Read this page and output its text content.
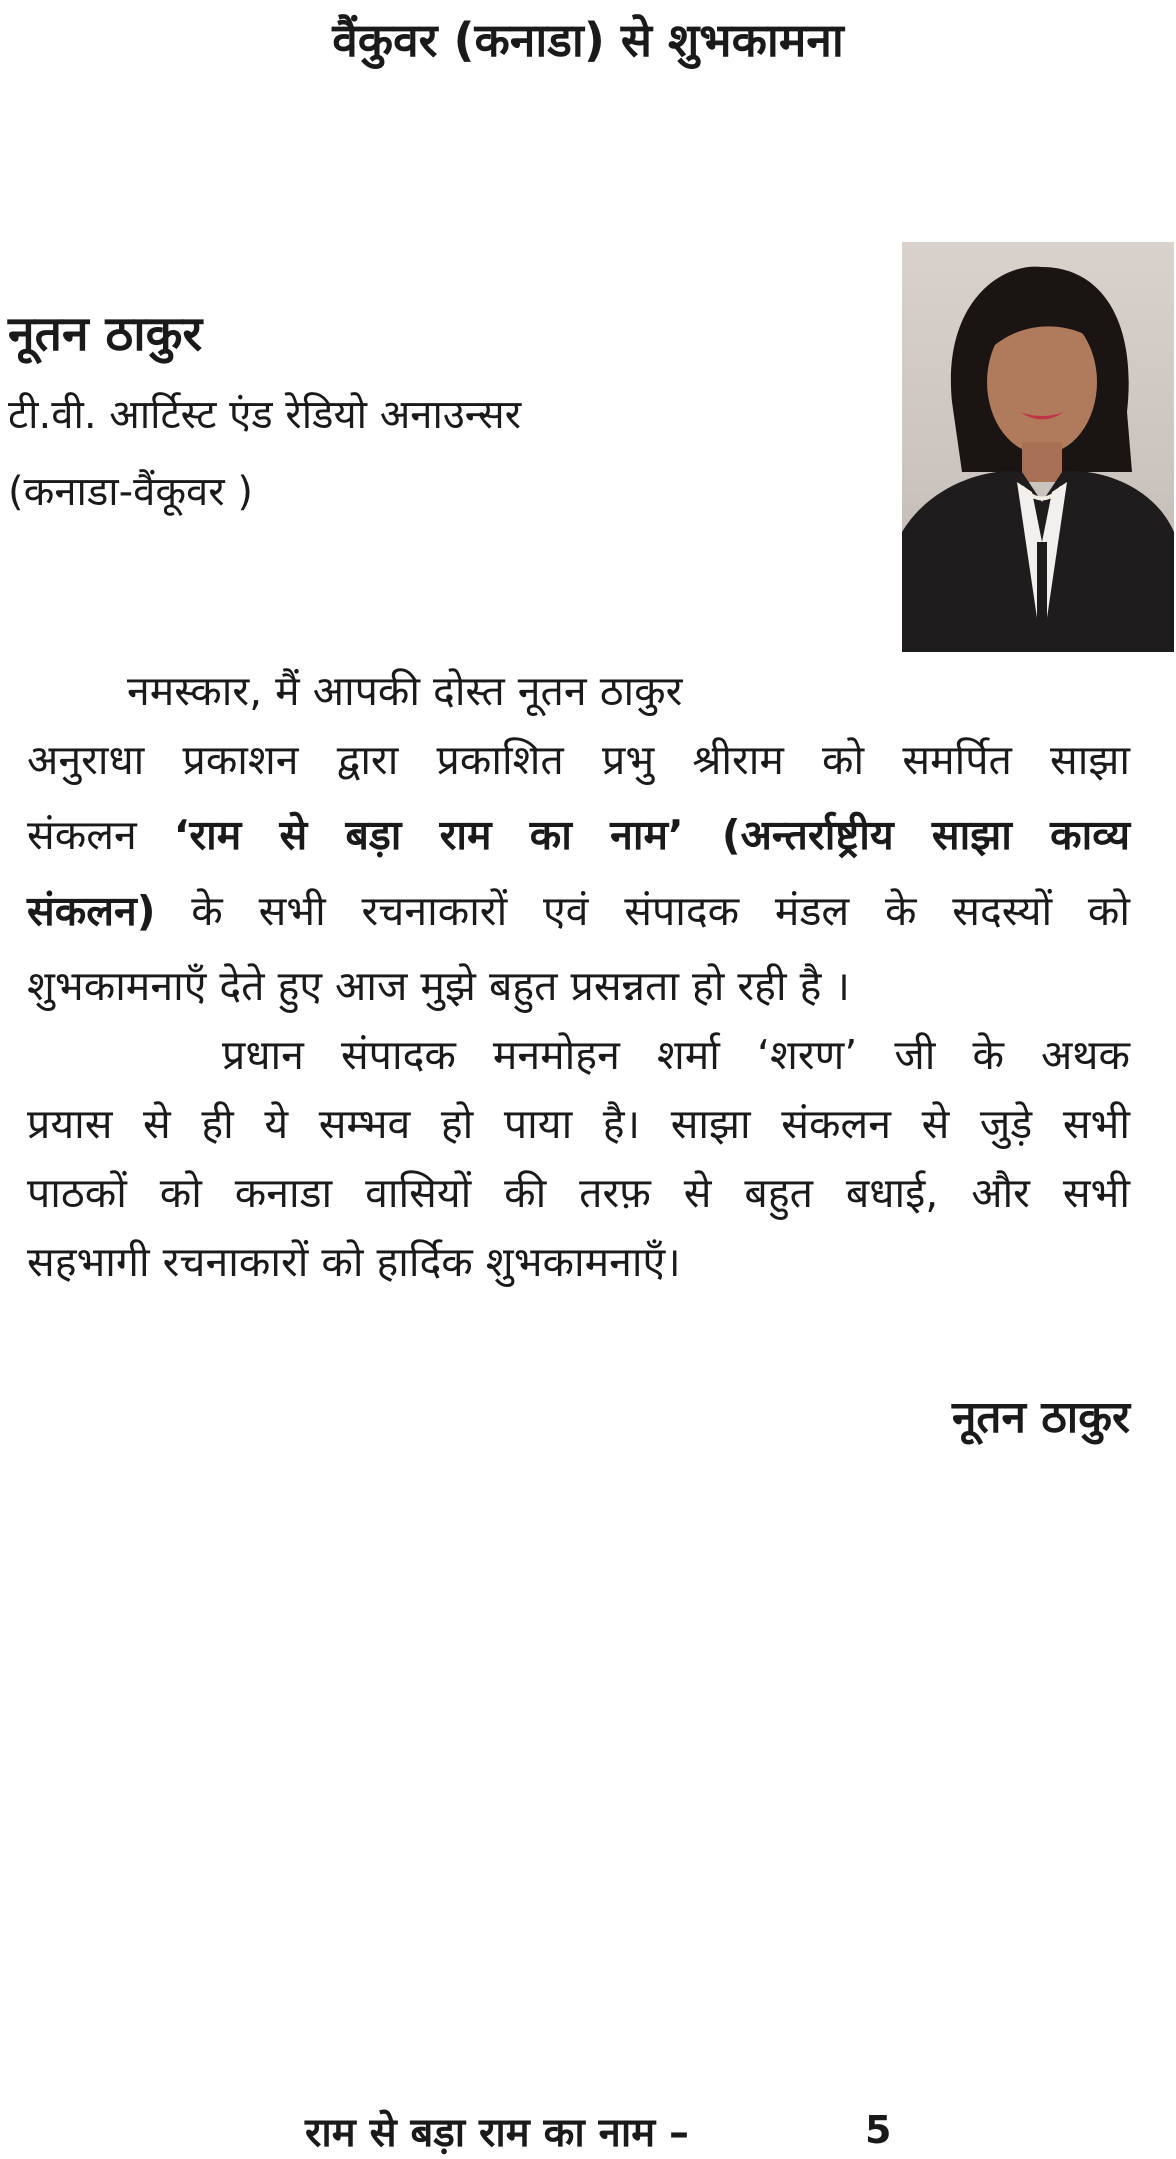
वैंकुवर (कनाडा) से शुभकामना
नूतन ठाकुर
टी.वी. आर्टिस्ट एंड रेडियो अनाउन्सर
(कनाडा-वैंकूवर )
नमस्कार, मैं आपकी दोस्त नूतन ठाकुर
अनुराधा प्रकाशन द्वारा प्रकाशित प्रभु श्रीराम को समर्पित साझा
संकलन ‘राम से बड़ा राम का नाम’ (अन्तर्राष्ट्रीय साझा काव्य
संकलन) के सभी रचनाकारों एवं संपादक मंडल के सदस्यों को
शुभकामनाएँ देते हुए आज मुझे बहुत प्रसन्नता हो रही है ।
प्रधान संपादक मनमोहन शर्मा ‘शरण’ जी के अथक
प्रयास से ही ये सम्भव हो पाया है। साझा संकलन से जुड़े सभी
पाठकों को कनाडा वासियों की तरफ़ से बहुत बधाई, और सभी
सहभागी रचनाकारों को हार्दिक शुभकामनाएँ।
नूतन ठाकुर
राम से बड़ा राम का नाम –	5
